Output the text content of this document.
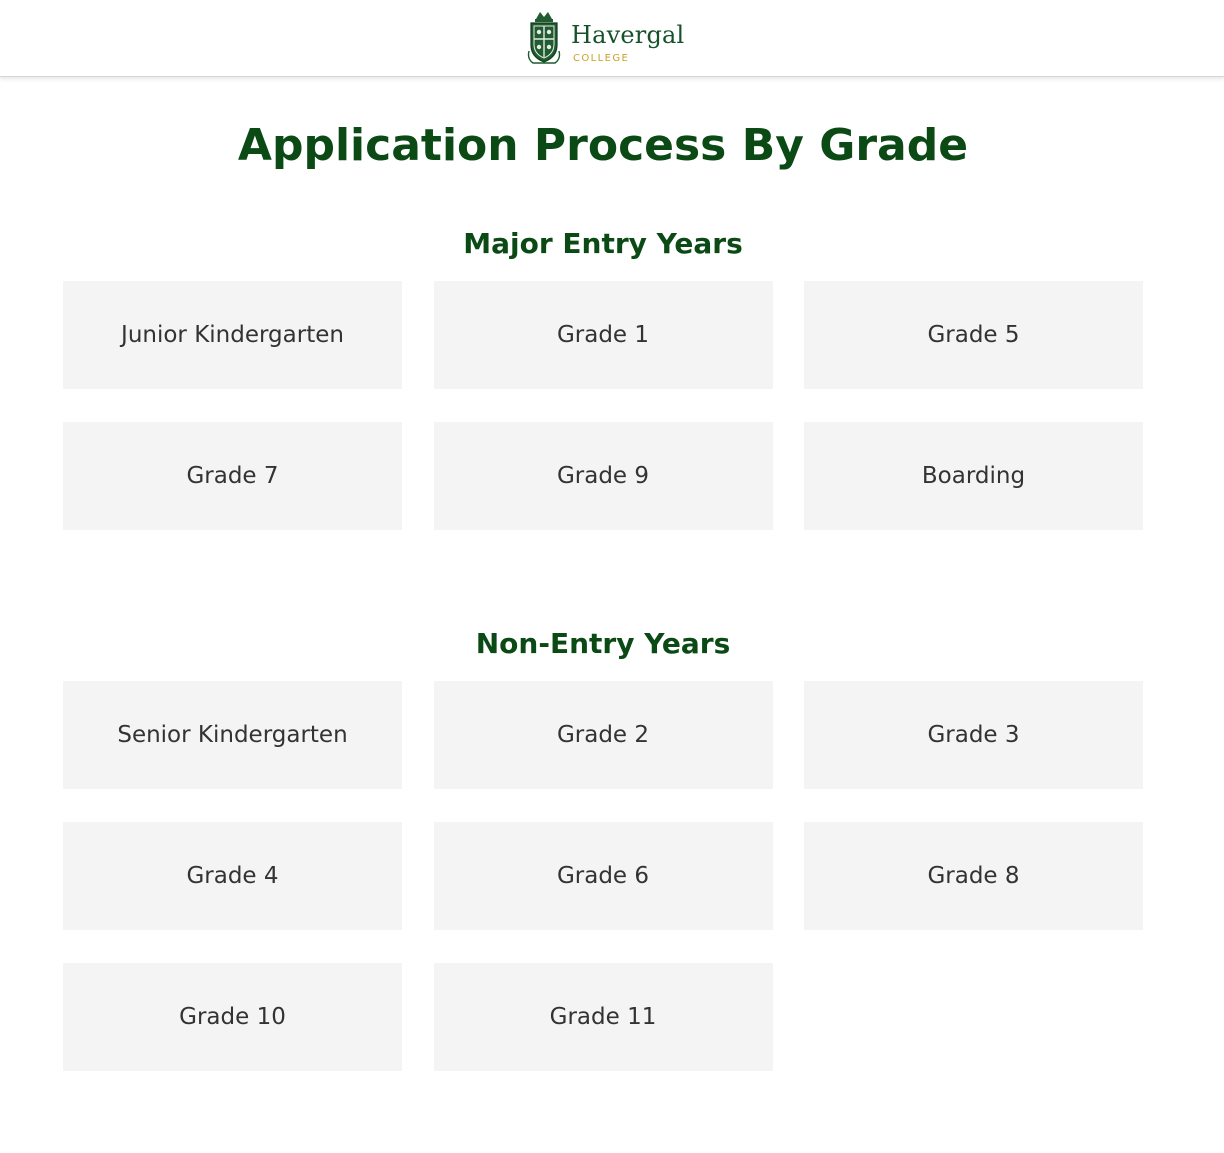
Havergal
COLLEGE
Application Process By Grade
Major Entry Years
Junior Kindergarten	Grade 1	Grade 5
Grade 7	Grade 9	Boarding
Non-Entry Years
Senior Kindergarten	Grade 2	Grade 3
Grade 4	Grade 6	Grade 8
Grade 10	Grade 11
